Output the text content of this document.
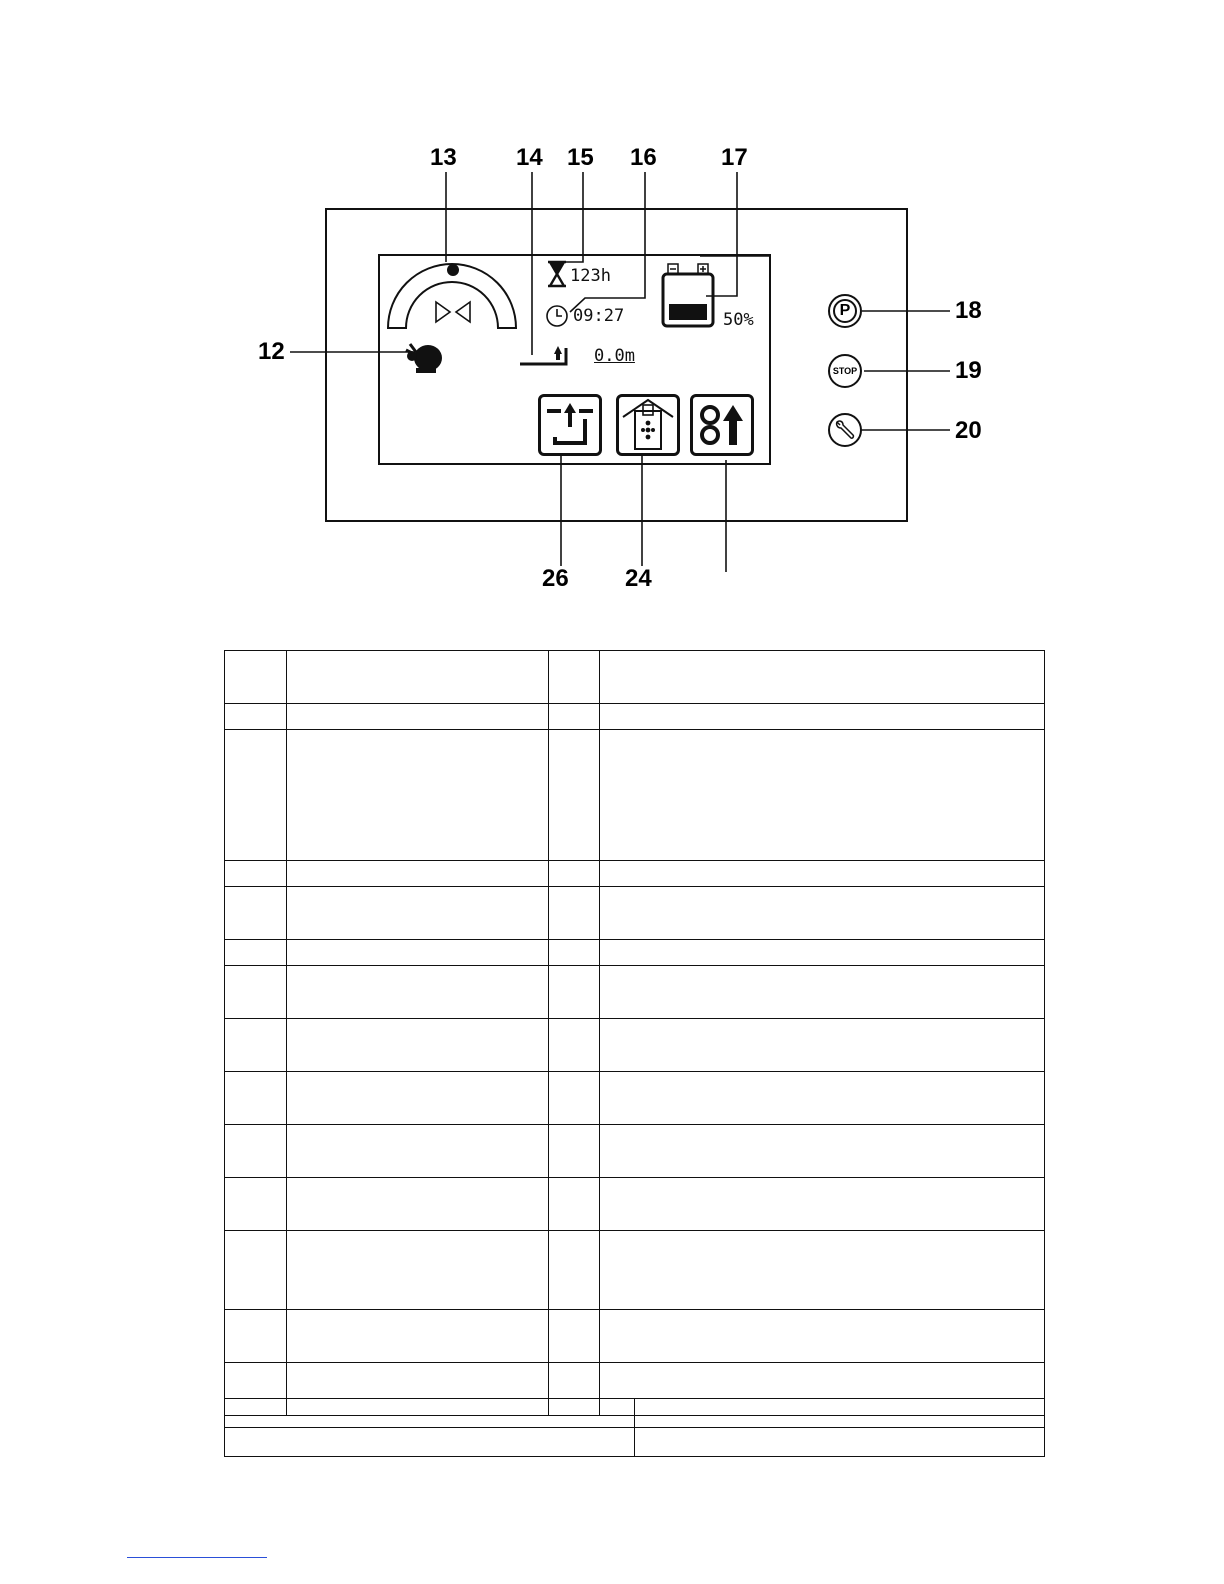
13 14 15 16	17
12
18
19
20
26 24
123h
09:27	50%
0.0m
P
STOP
